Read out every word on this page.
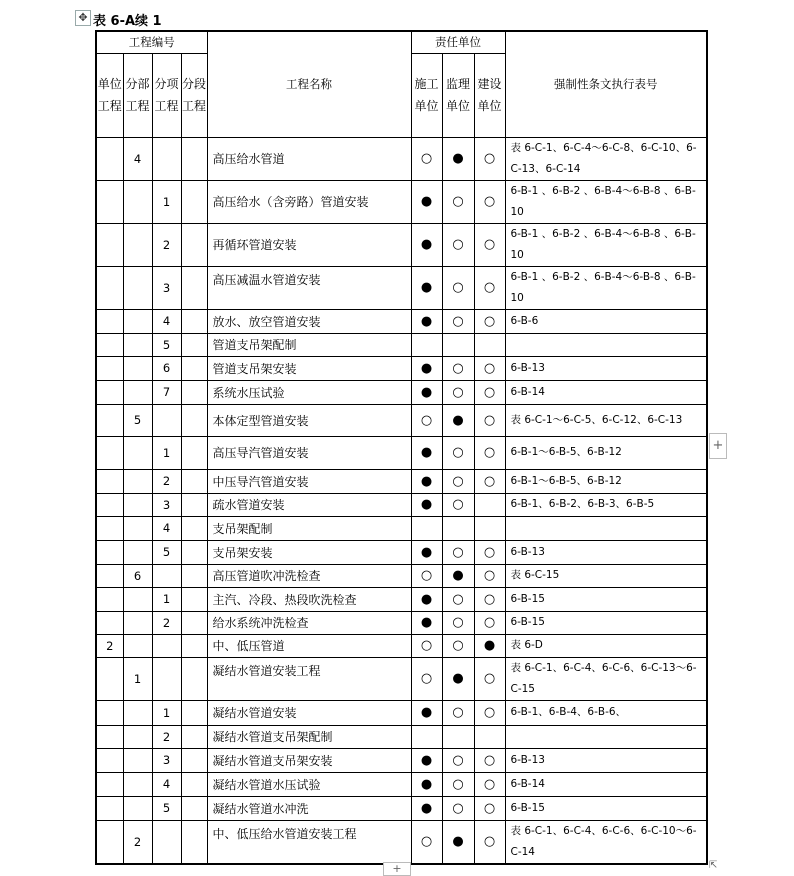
✥ 表 6-A续 1
工程编号				工程名称	责任单位			强制性条文执行表号
单位工程	分部工程	分项工程	分段工程		施工单位	监理单位	建设单位	
	4			高压给水管道	○	●	○	表 6-C-1、6-C-4～6-C-8、6-C-10、6-C-13、6-C-14
		1		高压给水（含旁路）管道安装	●	○	○	6-B-1 、6-B-2 、6-B-4～6-B-8 、6-B-10
		2		再循环管道安装	●	○	○	6-B-1 、6-B-2 、6-B-4～6-B-8 、6-B-10
		3		高压减温水管道安装	●	○	○	6-B-1 、6-B-2 、6-B-4～6-B-8 、6-B-10
		4		放水、放空管道安装	●	○	○	6-B-6
		5		管道支吊架配制				
		6		管道支吊架安装	●	○	○	6-B-13
		7		系统水压试验	●	○	○	6-B-14
	5			本体定型管道安装	○	●	○	表 6-C-1～6-C-5、6-C-12、6-C-13
		1		高压导汽管道安装	●	○	○	6-B-1～6-B-5、6-B-12
		2		中压导汽管道安装	●	○	○	6-B-1～6-B-5、6-B-12
		3		疏水管道安装	●	○		6-B-1、6-B-2、6-B-3、6-B-5
		4		支吊架配制				
		5		支吊架安装	●	○	○	6-B-13
	6			高压管道吹冲洗检查	○	●	○	表 6-C-15
		1		主汽、冷段、热段吹洗检查	●	○	○	6-B-15
		2		给水系统冲洗检查	●	○	○	6-B-15
2				中、低压管道	○	○	●	表 6-D
	1			凝结水管道安装工程	○	●	○	表 6-C-1、6-C-4、6-C-6、6-C-13～6-C-15
		1		凝结水管道安装	●	○	○	6-B-1、6-B-4、6-B-6、
		2		凝结水管道支吊架配制				
		3		凝结水管道支吊架安装	●	○	○	6-B-13
		4		凝结水管道水压试验	●	○	○	6-B-14
		5		凝结水管道水冲洗	●	○	○	6-B-15
	2			中、低压给水管道安装工程	○	●	○	表 6-C-1、6-C-4、6-C-6、6-C-10～6-C-14
+
+	⇱
